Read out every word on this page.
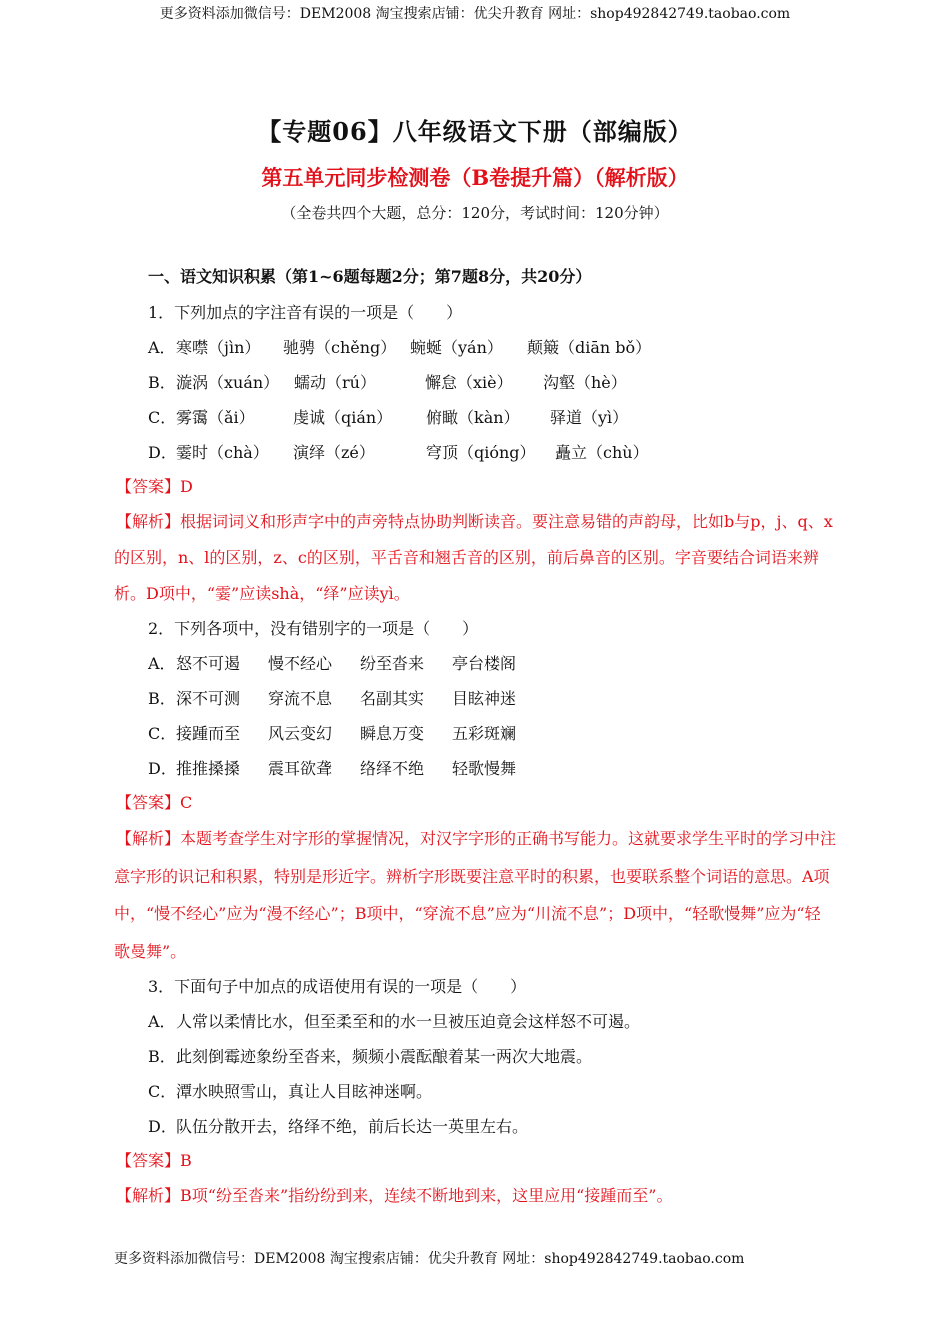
更多资料添加微信号：DEM2008 淘宝搜索店铺：优尖升教育 网址：shop492842749.taobao.com
【专题06】八年级语文下册（部编版）
第五单元同步检测卷（B卷提升篇）（解析版）
（全卷共四个大题，总分：120分，考试时间：120分钟）
一、语文知识积累（第1~6题每题2分；第7题8分，共20分）
1．下列加点的字注音有误的一项是（　　）
A．寒噤（jìn） 驰骋（chěng） 蜿蜒（yán） 颠簸（diān bǒ）
B．漩涡（xuán） 蠕动（rú）	懈怠（xiè） 沟壑（hè）
C．雾霭（ǎi） 虔诚（qián） 俯瞰（kàn） 驿道（yì）
D．霎时（chà） 演绎（zé）	穹顶（qióng） 矗立（chù）
【答案】D
【解析】根据词词义和形声字中的声旁特点协助判断读音。要注意易错的声韵母，比如b与p，j、q、x的区别，n、l的区别，z、c的区别，平舌音和翘舌音的区别，前后鼻音的区别。字音要结合词语来辨析。D项中，“霎”应读shà，“绎”应读yì。
2．下列各项中，没有错别字的一项是（　　）
A．怒不可遏 慢不经心 纷至沓来 亭台楼阁
B．深不可测 穿流不息 名副其实 目眩神迷
C．接踵而至 风云变幻 瞬息万变 五彩斑斓
D．推推搡搡 震耳欲聋 络绎不绝 轻歌慢舞
【答案】C
【解析】本题考查学生对字形的掌握情况，对汉字字形的正确书写能力。这就要求学生平时的学习中注意字形的识记和积累，特别是形近字。辨析字形既要注意平时的积累，也要联系整个词语的意思。A项中，“慢不经心”应为“漫不经心”；B项中，“穿流不息”应为“川流不息”；D项中，“轻歌慢舞”应为“轻歌曼舞”。
3．下面句子中加点的成语使用有误的一项是（　　）
A．人常以柔情比水，但至柔至和的水一旦被压迫竟会这样怒不可遏。
B．此刻倒霉迹象纷至沓来，频频小震酝酿着某一两次大地震。
C．潭水映照雪山，真让人目眩神迷啊。
D．队伍分散开去，络绎不绝，前后长达一英里左右。
【答案】B
【解析】B项“纷至沓来”指纷纷到来，连续不断地到来，这里应用“接踵而至”。
更多资料添加微信号：DEM2008 淘宝搜索店铺：优尖升教育 网址：shop492842749.taobao.com
